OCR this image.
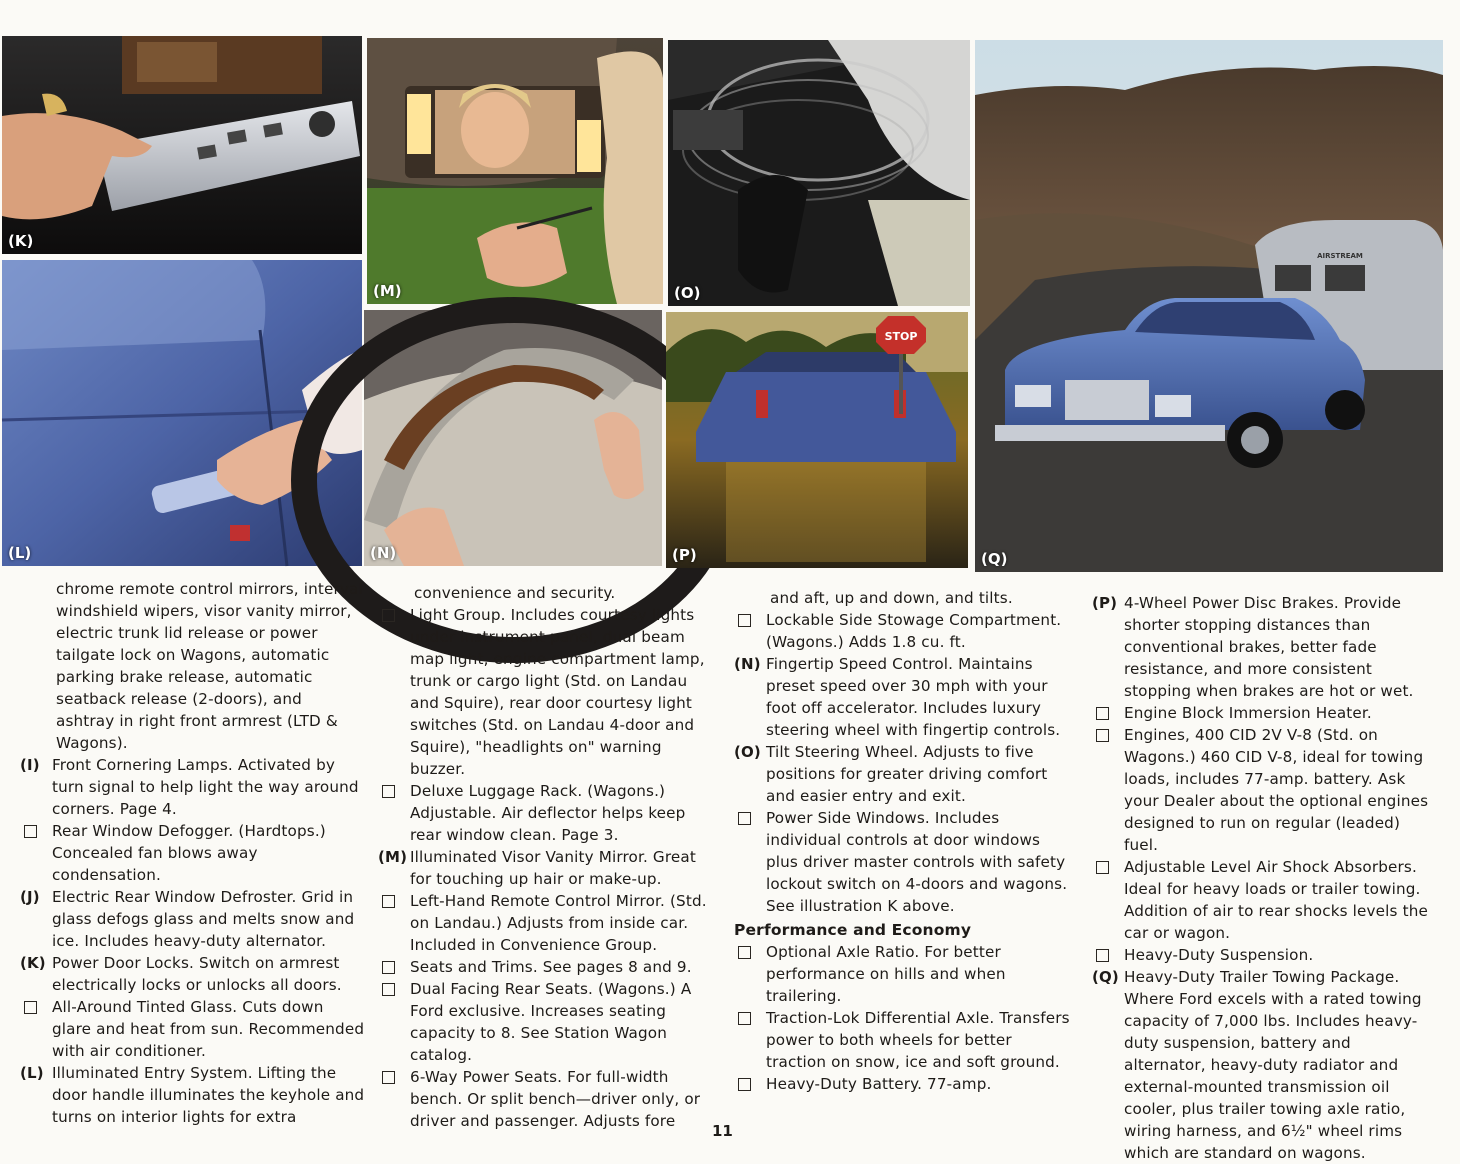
(K)
(L)
(M)
(N)
(O)
STOP
(P)
AIRSTREAM
(Q)
chrome remote control mirrors, interval windshield wipers, visor vanity mirror, electric trunk lid release or power tailgate lock on Wagons, automatic parking brake release, automatic seatback release (2-doors), and ashtray in right front armrest (LTD & Wagons).
(I) Front Cornering Lamps. Activated by turn signal to help light the way around corners. Page 4.
Rear Window Defogger. (Hardtops.) Concealed fan blows away condensation.
(J) Electric Rear Window Defroster. Grid in glass defogs glass and melts snow and ice. Includes heavy-duty alternator.
(K) Power Door Locks. Switch on armrest electrically locks or unlocks all doors.
All-Around Tinted Glass. Cuts down glare and heat from sun. Recommended with air conditioner.
(L) Illuminated Entry System. Lifting the door handle illuminates the keyhole and turns on interior lights for extra
convenience and security.
Light Group. Includes courtesy lights under instrument panel, dual beam map light, engine compartment lamp, trunk or cargo light (Std. on Landau and Squire), rear door courtesy light switches (Std. on Landau 4-door and Squire), "headlights on" warning buzzer.
Deluxe Luggage Rack. (Wagons.) Adjustable. Air deflector helps keep rear window clean. Page 3.
(M) Illuminated Visor Vanity Mirror. Great for touching up hair or make-up.
Left-Hand Remote Control Mirror. (Std. on Landau.) Adjusts from inside car. Included in Convenience Group.
Seats and Trims. See pages 8 and 9.
Dual Facing Rear Seats. (Wagons.) A Ford exclusive. Increases seating capacity to 8. See Station Wagon catalog.
6-Way Power Seats. For full-width bench. Or split bench—driver only, or driver and passenger. Adjusts fore
and aft, up and down, and tilts.
Lockable Side Stowage Compartment. (Wagons.) Adds 1.8 cu. ft.
(N) Fingertip Speed Control. Maintains preset speed over 30 mph with your foot off accelerator. Includes luxury steering wheel with fingertip controls.
(O) Tilt Steering Wheel. Adjusts to five positions for greater driving comfort and easier entry and exit.
Power Side Windows. Includes individual controls at door windows plus driver master controls with safety lockout switch on 4-doors and wagons. See illustration K above.
Performance and Economy
Optional Axle Ratio. For better performance on hills and when trailering.
Traction-Lok Differential Axle. Transfers power to both wheels for better traction on snow, ice and soft ground.
Heavy-Duty Battery. 77-amp.
(P) 4-Wheel Power Disc Brakes. Provide shorter stopping distances than conventional brakes, better fade resistance, and more consistent stopping when brakes are hot or wet.
Engine Block Immersion Heater.
Engines, 400 CID 2V V-8 (Std. on Wagons.) 460 CID V-8, ideal for towing loads, includes 77-amp. battery. Ask your Dealer about the optional engines designed to run on regular (leaded) fuel.
Adjustable Level Air Shock Absorbers. Ideal for heavy loads or trailer towing. Addition of air to rear shocks levels the car or wagon.
Heavy-Duty Suspension.
(Q) Heavy-Duty Trailer Towing Package. Where Ford excels with a rated towing capacity of 7,000 lbs. Includes heavy-duty suspension, battery and alternator, heavy-duty radiator and external-mounted transmission oil cooler, plus trailer towing axle ratio, wiring harness, and 6½" wheel rims which are standard on wagons.
11
